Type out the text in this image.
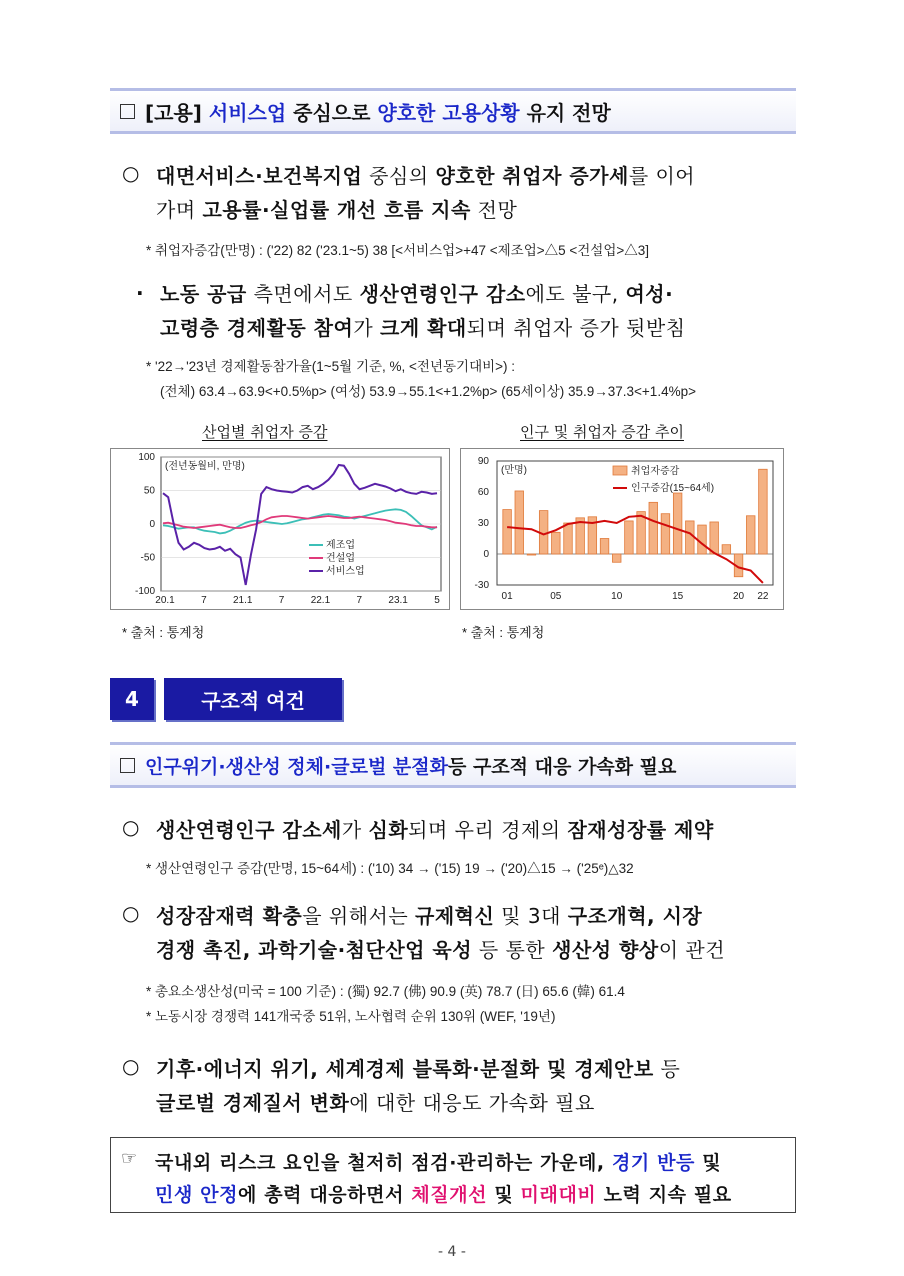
[고용]
서비스업
중심으로
양호한 고용상황
유지 전망
○ 대면서비스·보건복지업 중심의 양호한 취업자 증가세를 이어
가며 고용률·실업률 개선 흐름 지속 전망
* 취업자증감(만명) : ('22) 82 ('23.1~5) 38 [<서비스업>+47 <제조업>△5 <건설업>△3]
· 노동 공급 측면에서도 생산연령인구 감소에도 불구, 여성·
고령층 경제활동 참여가 크게 확대되며 취업자 증가 뒷받침
* '22→'23년 경제활동참가율(1~5월 기준, %, <전년동기대비>) :
(전체) 63.4→63.9<+0.5%p> (여성) 53.9→55.1<+1.2%p> (65세이상) 35.9→37.3<+1.4%p>
산업별 취업자 증감	인구 및 취업자 증감 추이
100
50
0
-50
-100
20.1	7	21.1	7	22.1	7	23.1	5
(전년동월비, 만명)
제조업
건설업
서비스업
90
60
30
0
-30
01	05	10	15	20 22
(만명)	취업자증감
인구증감(15~64세)
* 출처 : 통계청	* 출처 : 통계청
4	구조적 여건
인구위기·생산성 정체·글로벌 분절화 등 구조적 대응 가속화 필요
○ 생산연령인구 감소세가 심화되며 우리 경제의 잠재성장률 제약
* 생산연령인구 증감(만명, 15~64세) : ('10) 34 → ('15) 19 → ('20)△15 → ('25ᵉ)△32
○ 성장잠재력 확충을 위해서는 규제혁신 및 3대 구조개혁, 시장
경쟁 촉진, 과학기술·첨단산업 육성 등 통한 생산성 향상이 관건
* 총요소생산성(미국 = 100 기준) : (獨) 92.7 (佛) 90.9 (英) 78.7 (日) 65.6 (韓) 61.4
* 노동시장 경쟁력 141개국중 51위, 노사협력 순위 130위 (WEF, '19년)
○ 기후·에너지 위기, 세계경제 블록화·분절화 및 경제안보 등
글로벌 경제질서 변화에 대한 대응도 가속화 필요
☞ 국내외 리스크 요인을 철저히 점검·관리하는 가운데, 경기 반등 및
민생 안정에 총력 대응하면서 체질개선 및 미래대비 노력 지속 필요
- 4 -
